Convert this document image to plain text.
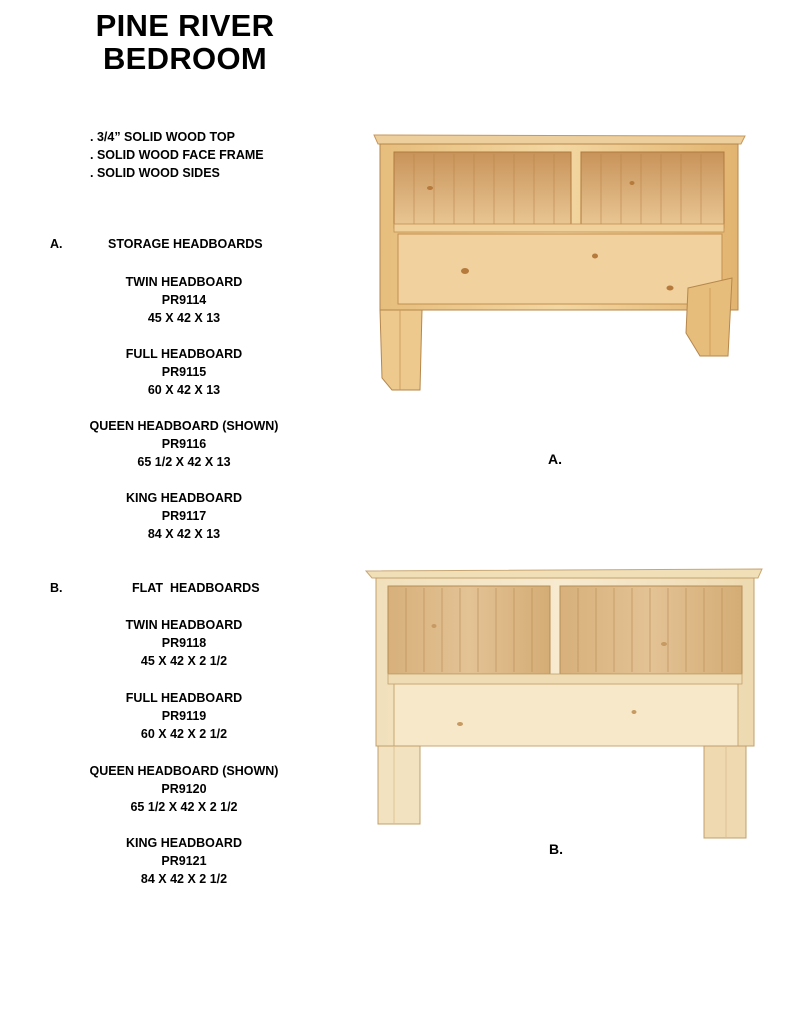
PINE RIVER
BEDROOM
. 3/4” SOLID WOOD TOP
. SOLID WOOD FACE FRAME
. SOLID WOOD SIDES
A.	STORAGE HEADBOARDS
TWIN HEADBOARD
PR9114
45 X 42 X 13
FULL HEADBOARD
PR9115
60 X 42 X 13
QUEEN HEADBOARD (SHOWN)
PR9116
65 1/2 X 42 X 13
KING HEADBOARD
PR9117
84 X 42 X 13
B.	FLAT  HEADBOARDS
TWIN HEADBOARD
PR9118
45 X 42 X 2 1/2
FULL HEADBOARD
PR9119
60 X 42 X 2 1/2
QUEEN HEADBOARD (SHOWN)
PR9120
65 1/2 X 42 X 2 1/2
KING HEADBOARD
PR9121
84 X 42 X 2 1/2
A.
B.
